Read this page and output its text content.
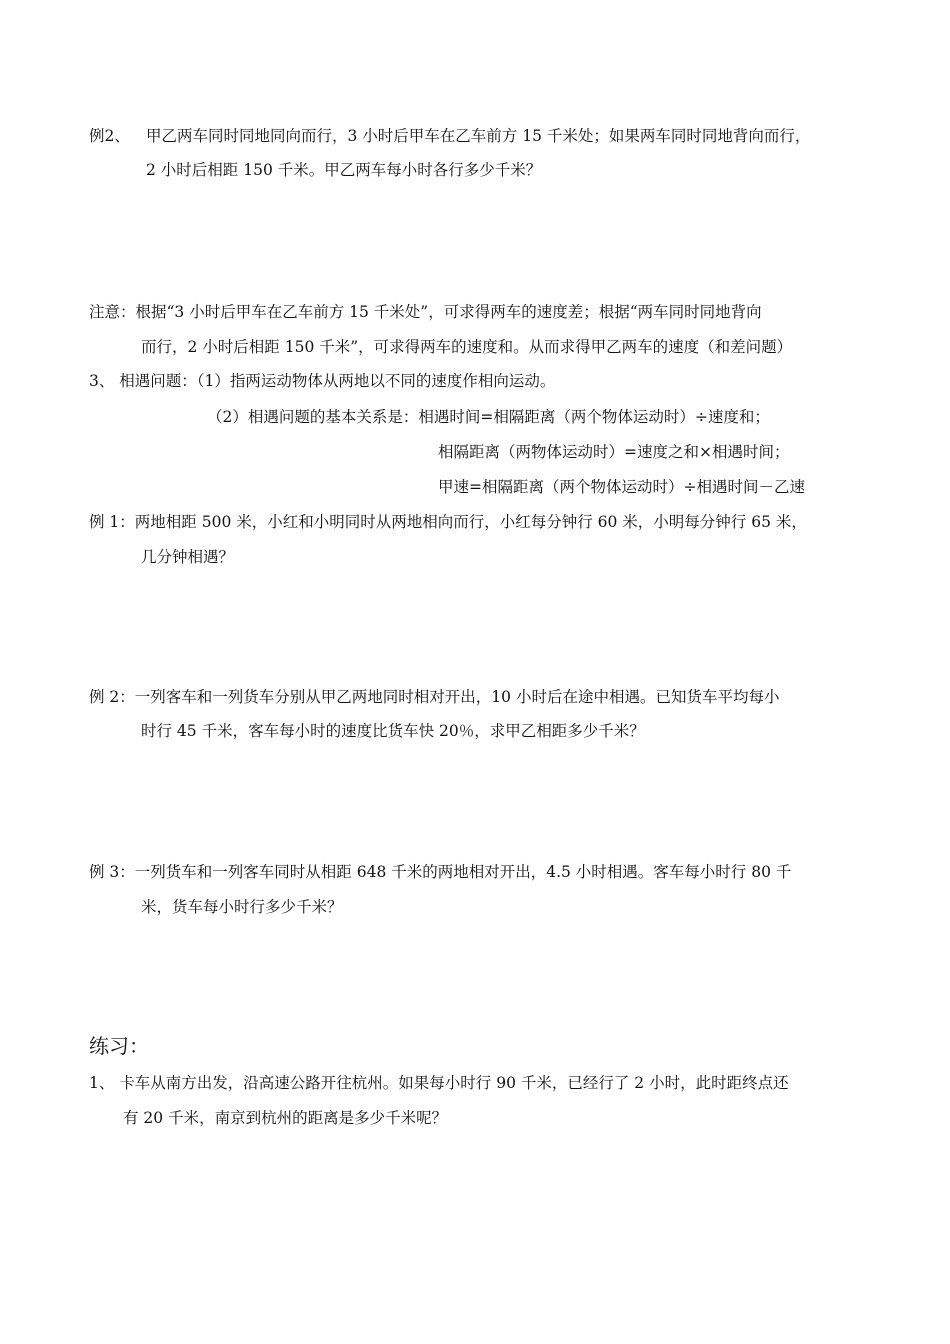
例2、 甲乙两车同时同地同向而行，3 小时后甲车在乙车前方 15 千米处；如果两车同时同地背向而行，
2 小时后相距 150 千米。甲乙两车每小时各行多少千米？
注意：根据“3 小时后甲车在乙车前方 15 千米处”，可求得两车的速度差；根据“两车同时同地背向
而行，2 小时后相距 150 千米”，可求得两车的速度和。从而求得甲乙两车的速度（和差问题）
3、 相遇问题：（1）指两运动物体从两地以不同的速度作相向运动。
（2）相遇问题的基本关系是：相遇时间=相隔距离（两个物体运动时）÷速度和；
相隔距离（两物体运动时）=速度之和×相遇时间；
甲速=相隔距离（两个物体运动时）÷相遇时间－乙速
例 1：两地相距 500 米，小红和小明同时从两地相向而行，小红每分钟行 60 米，小明每分钟行 65 米，
几分钟相遇？
例 2：一列客车和一列货车分别从甲乙两地同时相对开出，10 小时后在途中相遇。已知货车平均每小
时行 45 千米，客车每小时的速度比货车快 20％，求甲乙相距多少千米？
例 3：一列货车和一列客车同时从相距 648 千米的两地相对开出，4.5 小时相遇。客车每小时行 80 千
米，货车每小时行多少千米？
练习：
1、 卡车从南方出发，沿高速公路开往杭州。如果每小时行 90 千米，已经行了 2 小时，此时距终点还
有 20 千米，南京到杭州的距离是多少千米呢？
